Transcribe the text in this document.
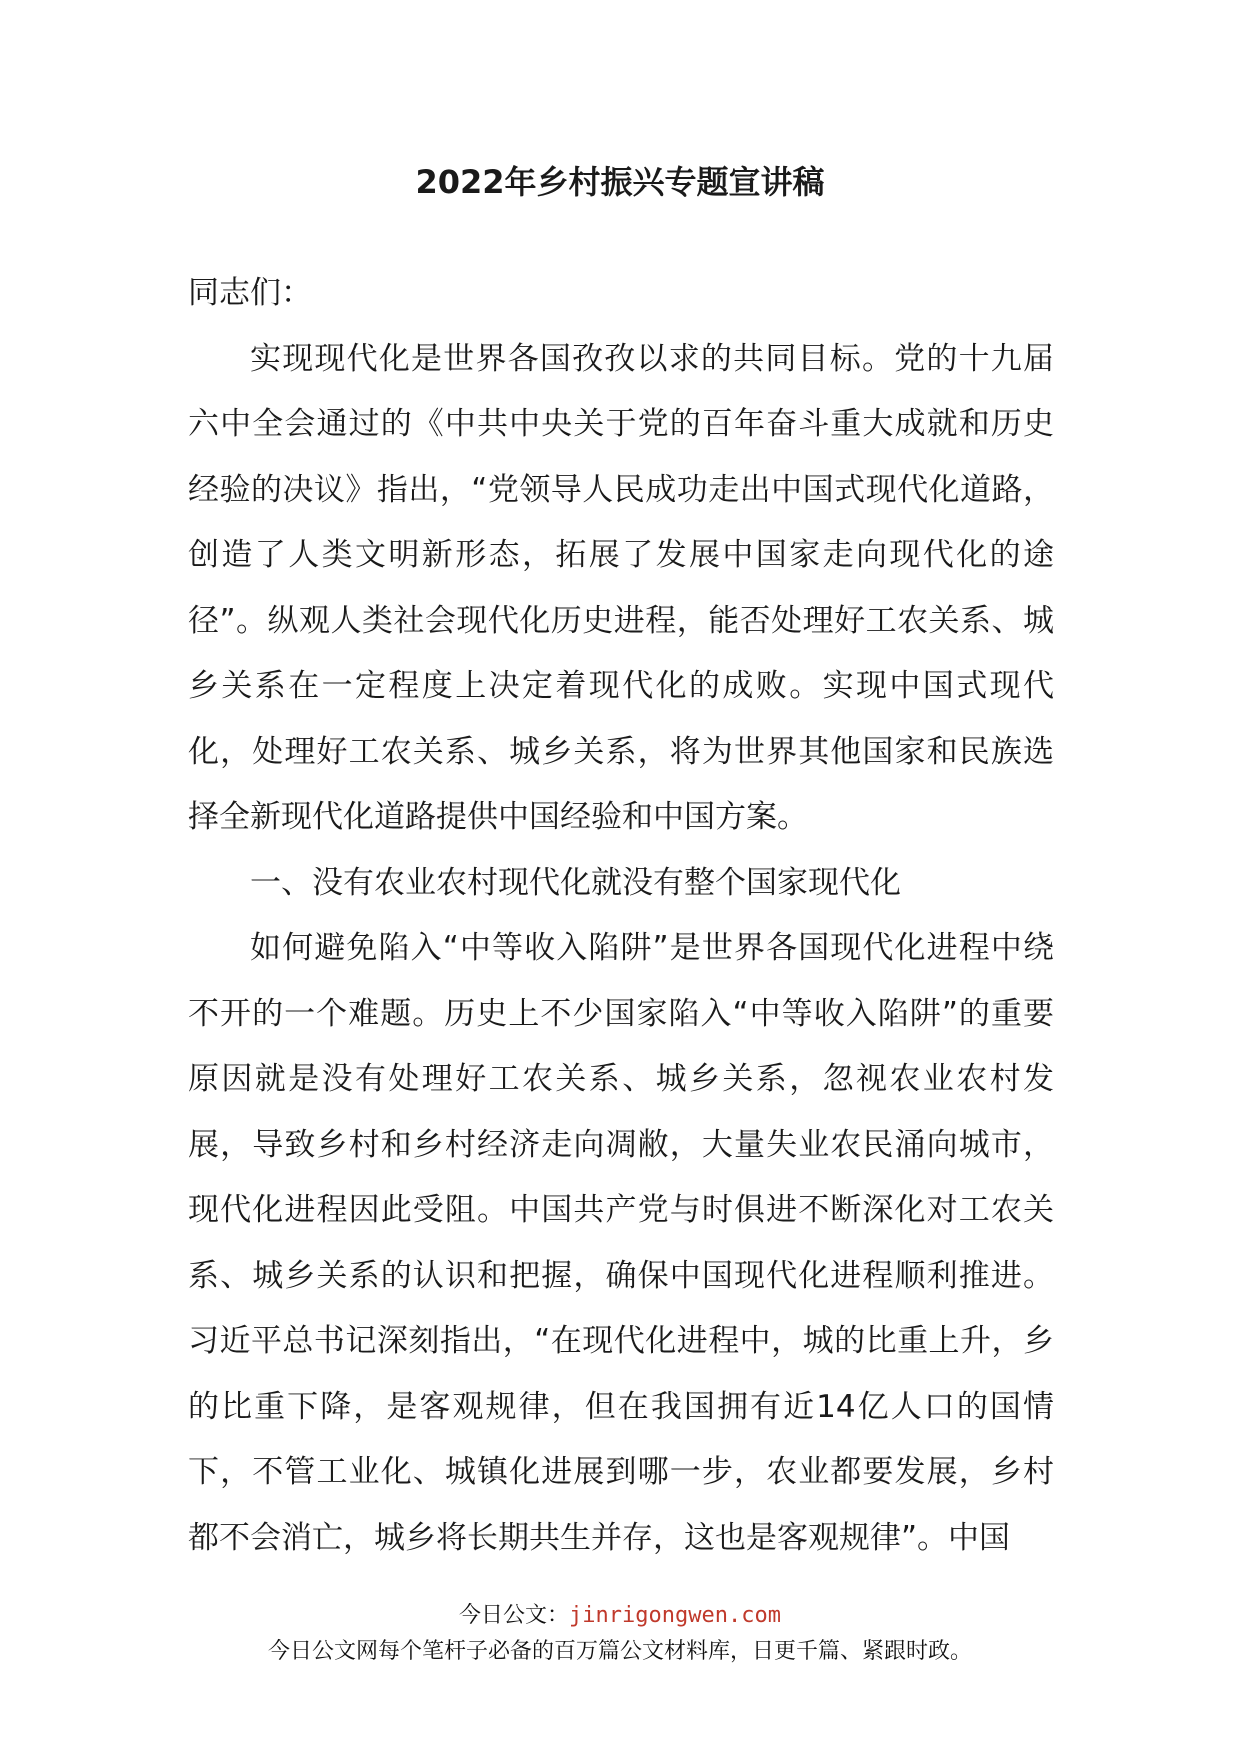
2022年乡村振兴专题宣讲稿

同志们：

实现现代化是世界各国孜孜以求的共同目标。党的十九届六中全会通过的《中共中央关于党的百年奋斗重大成就和历史经验的决议》指出，“党领导人民成功走出中国式现代化道路，创造了人类文明新形态，拓展了发展中国家走向现代化的途径”。纵观人类社会现代化历史进程，能否处理好工农关系、城乡关系在一定程度上决定着现代化的成败。实现中国式现代化，处理好工农关系、城乡关系，将为世界其他国家和民族选择全新现代化道路提供中国经验和中国方案。

一、没有农业农村现代化就没有整个国家现代化

如何避免陷入“中等收入陷阱”是世界各国现代化进程中绕不开的一个难题。历史上不少国家陷入“中等收入陷阱”的重要原因就是没有处理好工农关系、城乡关系，忽视农业农村发展，导致乡村和乡村经济走向凋敝，大量失业农民涌向城市，现代化进程因此受阻。中国共产党与时俱进不断深化对工农关系、城乡关系的认识和把握，确保中国现代化进程顺利推进。习近平总书记深刻指出，“在现代化进程中，城的比重上升，乡的比重下降，是客观规律，但在我国拥有近14亿人口的国情下，不管工业化、城镇化进展到哪一步，农业都要发展，乡村都不会消亡，城乡将长期共生并存，这也是客观规律”。中国

今日公文：jinrigongwen.com
今日公文网每个笔杆子必备的百万篇公文材料库，日更千篇、紧跟时政。
